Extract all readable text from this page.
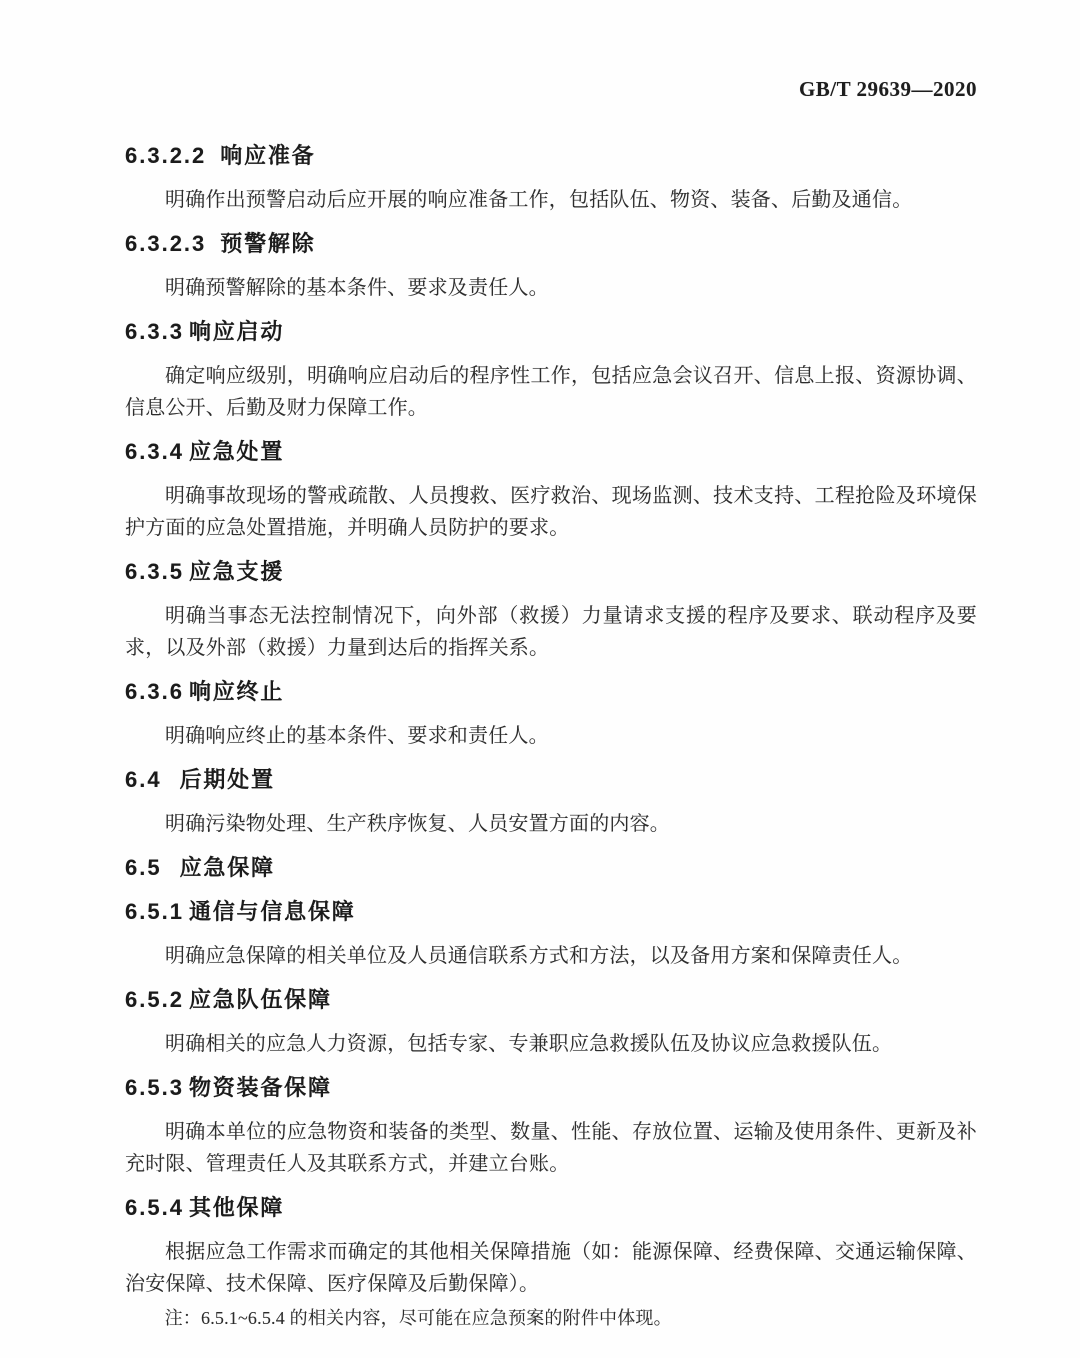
GB/T 29639—2020
6.3.2.2 响应准备

明确作出预警启动后应开展的响应准备工作，包括队伍、物资、装备、后勤及通信。

6.3.2.3 预警解除

明确预警解除的基本条件、要求及责任人。

6.3.3 响应启动

确定响应级别，明确响应启动后的程序性工作，包括应急会议召开、信息上报、资源协调、信息公开、后勤及财力保障工作。

6.3.4 应急处置

明确事故现场的警戒疏散、人员搜救、医疗救治、现场监测、技术支持、工程抢险及环境保护方面的应急处置措施，并明确人员防护的要求。

6.3.5 应急支援

明确当事态无法控制情况下，向外部（救援）力量请求支援的程序及要求、联动程序及要求，以及外部（救援）力量到达后的指挥关系。

6.3.6 响应终止

明确响应终止的基本条件、要求和责任人。

6.4 后期处置

明确污染物处理、生产秩序恢复、人员安置方面的内容。

6.5 应急保障
6.5.1 通信与信息保障

明确应急保障的相关单位及人员通信联系方式和方法，以及备用方案和保障责任人。

6.5.2 应急队伍保障

明确相关的应急人力资源，包括专家、专兼职应急救援队伍及协议应急救援队伍。

6.5.3 物资装备保障

明确本单位的应急物资和装备的类型、数量、性能、存放位置、运输及使用条件、更新及补充时限、管理责任人及其联系方式，并建立台账。

6.5.4 其他保障

根据应急工作需求而确定的其他相关保障措施（如：能源保障、经费保障、交通运输保障、治安保障、技术保障、医疗保障及后勤保障）。

注：6.5.1~6.5.4 的相关内容，尽可能在应急预案的附件中体现。
